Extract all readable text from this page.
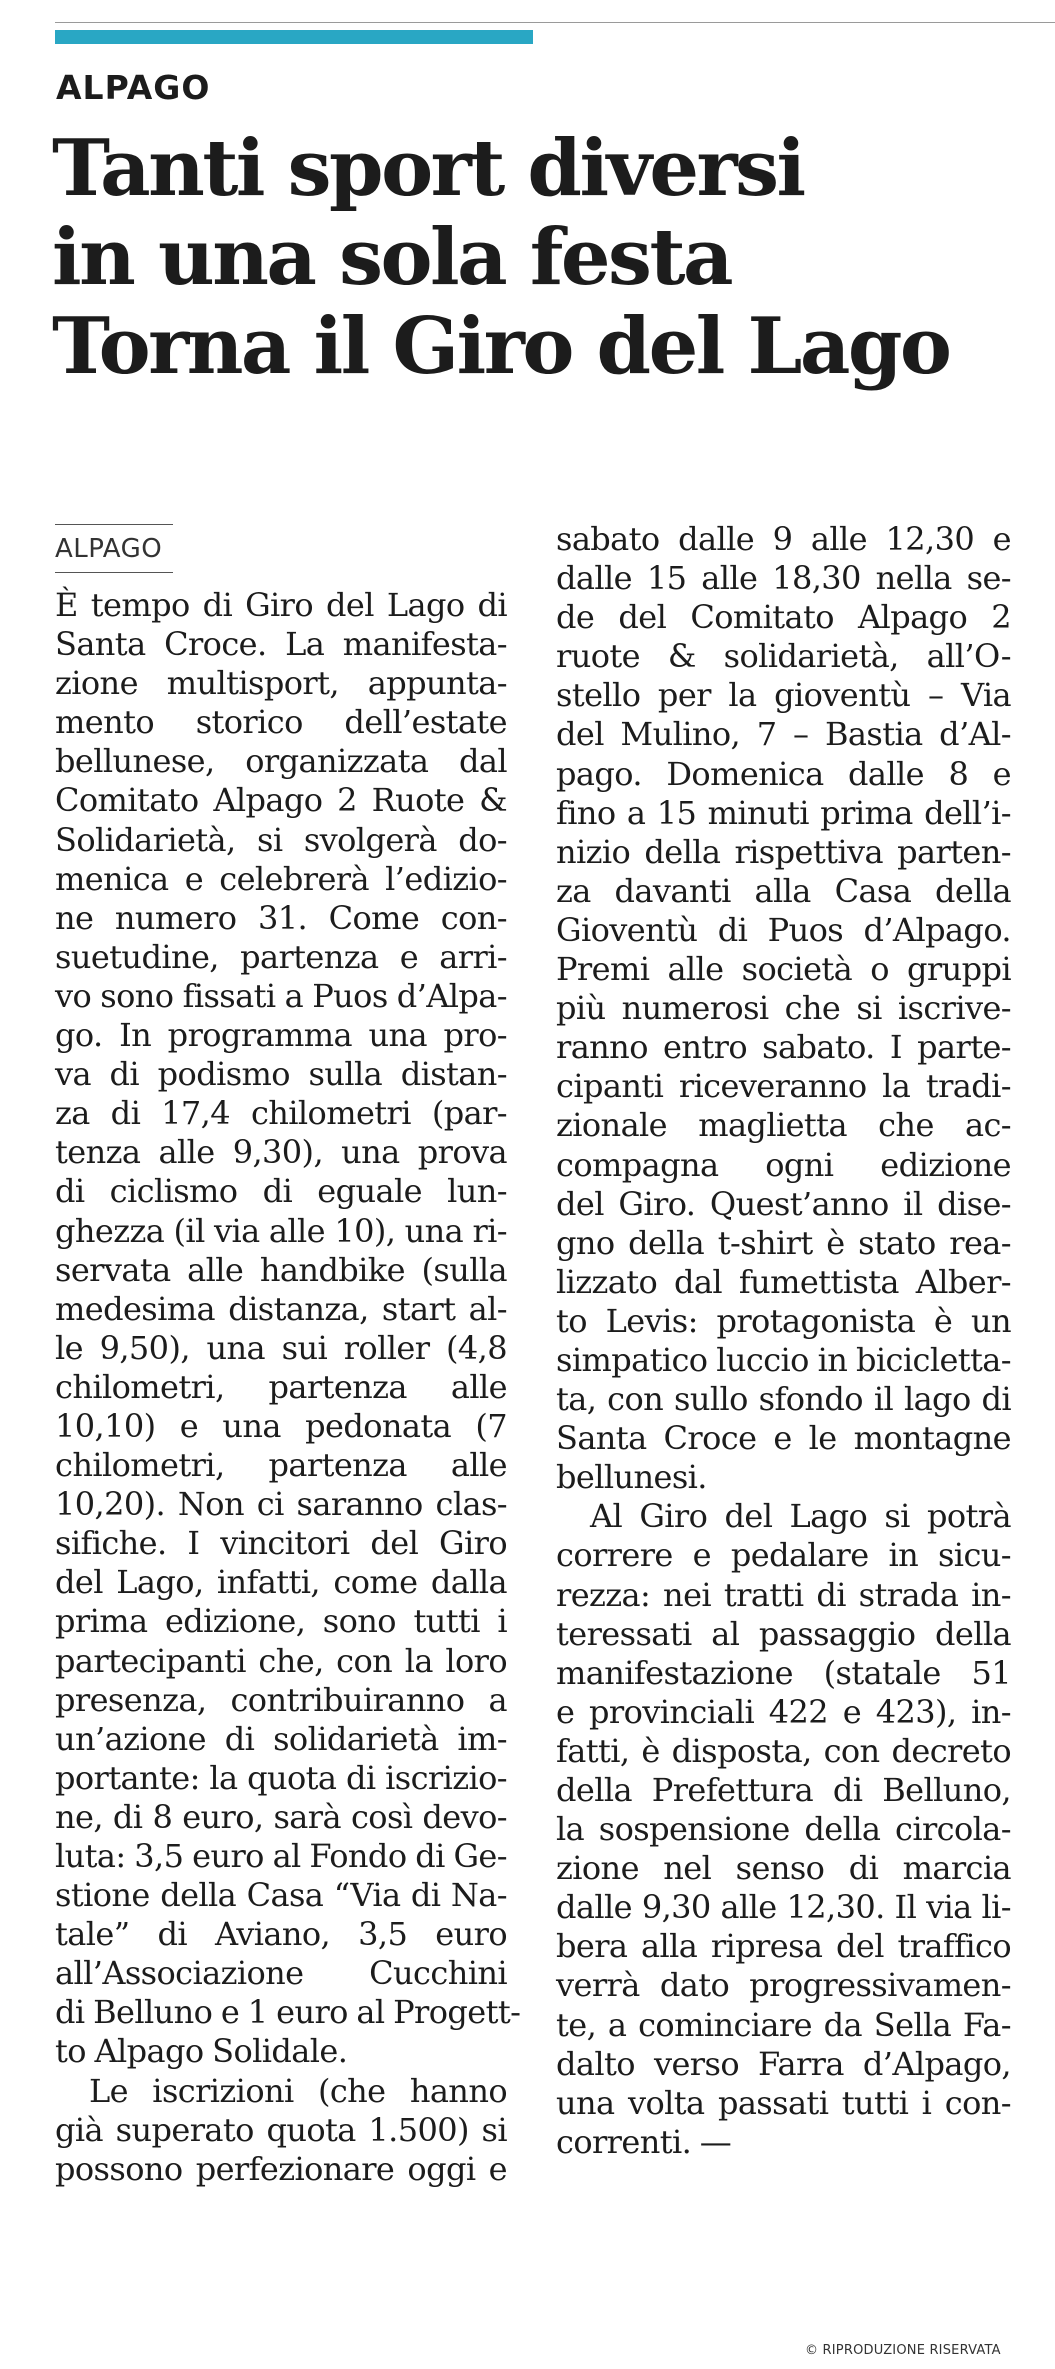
ALPAGO
Tanti sport diversi
in una sola festa
Torna il Giro del Lago
ALPAGO
È tempo di Giro del Lago di
Santa Croce. La manifesta-
zione multisport, appunta-
mento storico dell’estate
bellunese, organizzata dal
Comitato Alpago 2 Ruote &
Solidarietà, si svolgerà do-
menica e celebrerà l’edizio-
ne numero 31. Come con-
suetudine, partenza e arri-
vo sono fissati a Puos d’Alpa-
go. In programma una pro-
va di podismo sulla distan-
za di 17,4 chilometri (par-
tenza alle 9,30), una prova
di ciclismo di eguale lun-
ghezza (il via alle 10), una ri-
servata alle handbike (sulla
medesima distanza, start al-
le 9,50), una sui roller (4,8
chilometri, partenza alle
10,10) e una pedonata (7
chilometri, partenza alle
10,20). Non ci saranno clas-
sifiche. I vincitori del Giro
del Lago, infatti, come dalla
prima edizione, sono tutti i
partecipanti che, con la loro
presenza, contribuiranno a
un’azione di solidarietà im-
portante: la quota di iscrizio-
ne, di 8 euro, sarà così devo-
luta: 3,5 euro al Fondo di Ge-
stione della Casa “Via di Na-
tale” di Aviano, 3,5 euro
all’Associazione Cucchini
di Belluno e 1 euro al Progett-
to Alpago Solidale.
Le iscrizioni (che hanno
già superato quota 1.500) si
possono perfezionare oggi e
sabato dalle 9 alle 12,30 e
dalle 15 alle 18,30 nella se-
de del Comitato Alpago 2
ruote & solidarietà, all’O-
stello per la gioventù – Via
del Mulino, 7 – Bastia d’Al-
pago. Domenica dalle 8 e
fino a 15 minuti prima dell’i-
nizio della rispettiva parten-
za davanti alla Casa della
Gioventù di Puos d’Alpago.
Premi alle società o gruppi
più numerosi che si iscrive-
ranno entro sabato. I parte-
cipanti riceveranno la tradi-
zionale maglietta che ac-
compagna ogni edizione
del Giro. Quest’anno il dise-
gno della t-shirt è stato rea-
lizzato dal fumettista Alber-
to Levis: protagonista è un
simpatico luccio in bicicletta-
ta, con sullo sfondo il lago di
Santa Croce e le montagne
bellunesi.
Al Giro del Lago si potrà
correre e pedalare in sicu-
rezza: nei tratti di strada in-
teressati al passaggio della
manifestazione (statale 51
e provinciali 422 e 423), in-
fatti, è disposta, con decreto
della Prefettura di Belluno,
la sospensione della circola-
zione nel senso di marcia
dalle 9,30 alle 12,30. Il via li-
bera alla ripresa del traffico
verrà dato progressivamen-
te, a cominciare da Sella Fa-
dalto verso Farra d’Alpago,
una volta passati tutti i con-
correnti. —
© RIPRODUZIONE RISERVATA
